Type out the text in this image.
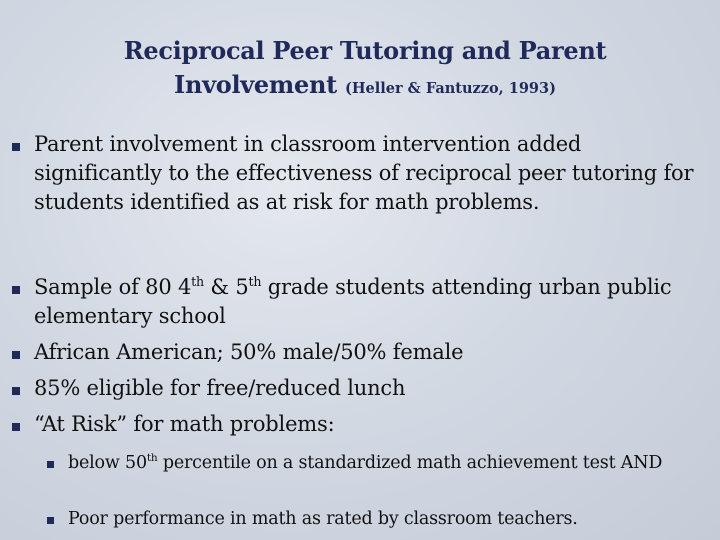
Reciprocal Peer Tutoring and Parent
Involvement (Heller & Fantuzzo, 1993)
Parent involvement in classroom intervention added significantly to the effectiveness of reciprocal peer tutoring for students identified as at risk for math problems.
Sample of 80 4th & 5th grade students attending urban public elementary school
African American; 50% male/50% female
85% eligible for free/reduced lunch
“At Risk” for math problems:
below 50th percentile on a standardized math achievement test AND
Poor performance in math as rated by classroom teachers.
